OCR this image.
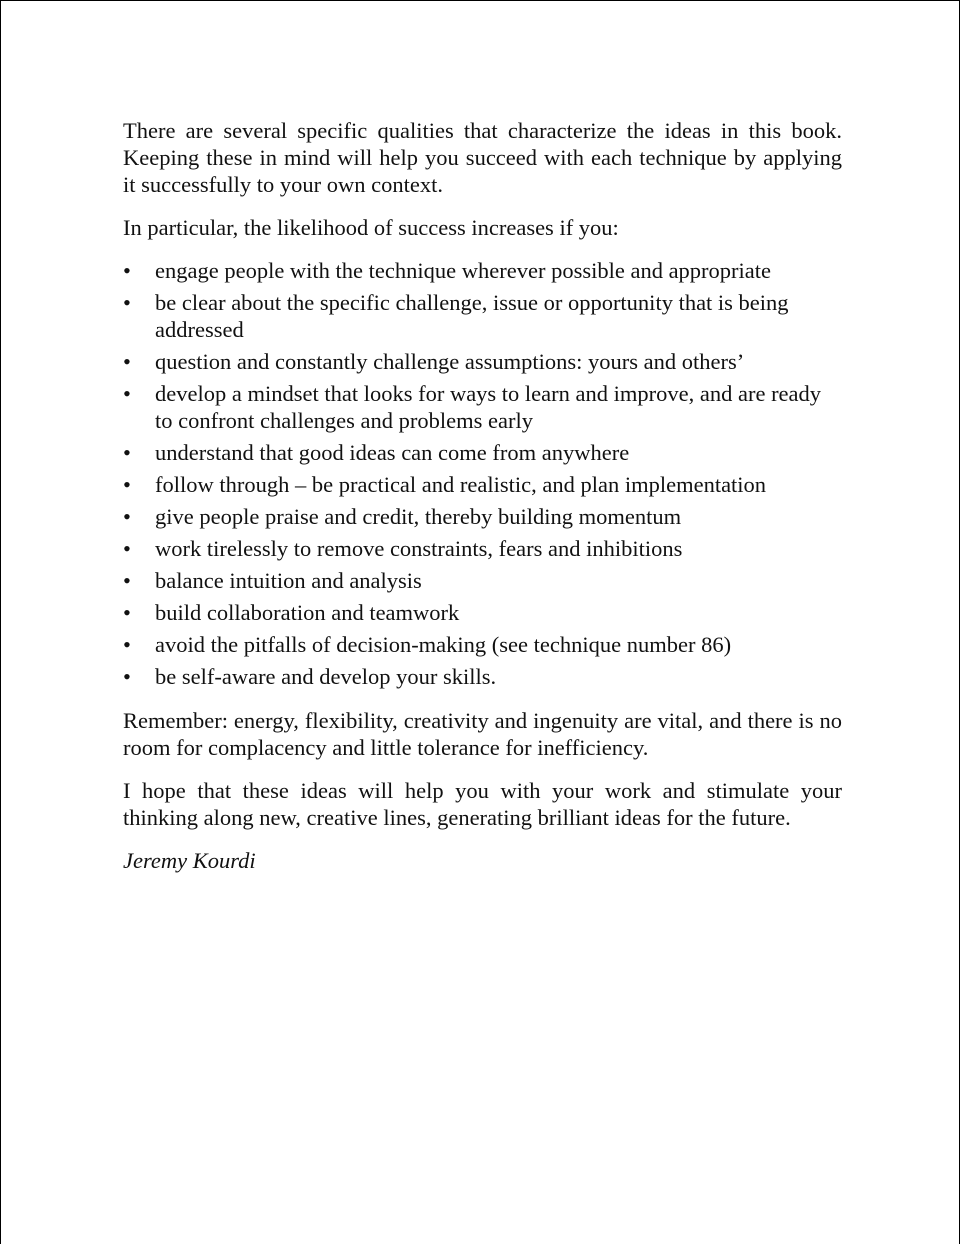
There are several specific qualities that characterize the ideas in this book. Keeping these in mind will help you succeed with each technique by applying it successfully to your own context.

In particular, the likelihood of success increases if you:

• engage people with the technique wherever possible and appropriate
• be clear about the specific challenge, issue or opportunity that is being addressed
• question and constantly challenge assumptions: yours and others’
• develop a mindset that looks for ways to learn and improve, and are ready to confront challenges and problems early
• understand that good ideas can come from anywhere
• follow through – be practical and realistic, and plan implementation
• give people praise and credit, thereby building momentum
• work tirelessly to remove constraints, fears and inhibitions
• balance intuition and analysis
• build collaboration and teamwork
• avoid the pitfalls of decision-making (see technique number 86)
• be self-aware and develop your skills.

Remember: energy, flexibility, creativity and ingenuity are vital, and there is no room for complacency and little tolerance for inefficiency.

I hope that these ideas will help you with your work and stimulate your thinking along new, creative lines, generating brilliant ideas for the future.

Jeremy Kourdi
